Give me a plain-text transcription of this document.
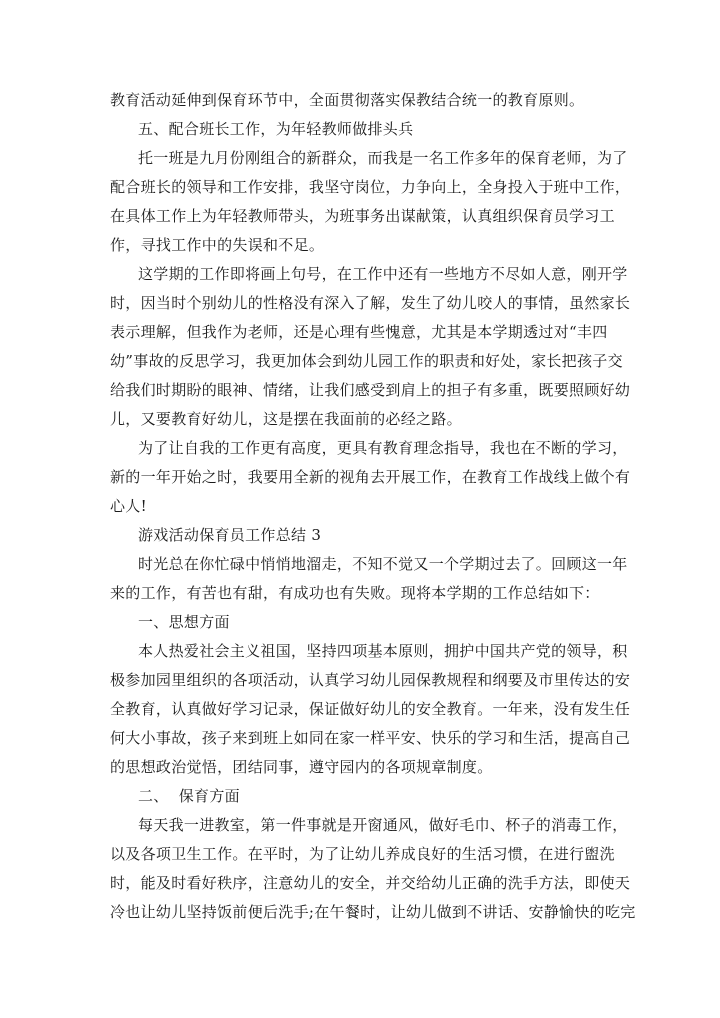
教育活动延伸到保育环节中，全面贯彻落实保教结合统一的教育原则。
五、配合班长工作，为年轻教师做排头兵
托一班是九月份刚组合的新群众，而我是一名工作多年的保育老师，为了
配合班长的领导和工作安排，我坚守岗位，力争向上，全身投入于班中工作，
在具体工作上为年轻教师带头，为班事务出谋献策，认真组织保育员学习工
作，寻找工作中的失误和不足。
这学期的工作即将画上句号，在工作中还有一些地方不尽如人意，刚开学
时，因当时个别幼儿的性格没有深入了解，发生了幼儿咬人的事情，虽然家长
表示理解，但我作为老师，还是心理有些愧意，尤其是本学期透过对“丰四
幼”事故的反思学习，我更加体会到幼儿园工作的职责和好处，家长把孩子交
给我们时期盼的眼神、情绪，让我们感受到肩上的担子有多重，既要照顾好幼
儿，又要教育好幼儿，这是摆在我面前的必经之路。
为了让自我的工作更有高度，更具有教育理念指导，我也在不断的学习，
新的一年开始之时，我要用全新的视角去开展工作，在教育工作战线上做个有
心人!
游戏活动保育员工作总结 3
时光总在你忙碌中悄悄地溜走，不知不觉又一个学期过去了。回顾这一年
来的工作，有苦也有甜，有成功也有失败。现将本学期的工作总结如下：
一、思想方面
本人热爱社会主义祖国，坚持四项基本原则，拥护中国共产党的领导，积
极参加园里组织的各项活动，认真学习幼儿园保教规程和纲要及市里传达的安
全教育，认真做好学习记录，保证做好幼儿的安全教育。一年来，没有发生任
何大小事故，孩子来到班上如同在家一样平安、快乐的学习和生活，提高自己
的思想政治觉悟，团结同事，遵守园内的各项规章制度。
二、  保育方面
每天我一进教室，第一件事就是开窗通风，做好毛巾、杯子的消毒工作，
以及各项卫生工作。在平时，为了让幼儿养成良好的生活习惯，在进行盥洗
时，能及时看好秩序，注意幼儿的安全，并交给幼儿正确的洗手方法，即使天
冷也让幼儿坚持饭前便后洗手;在午餐时，让幼儿做到不讲话、安静愉快的吃完
